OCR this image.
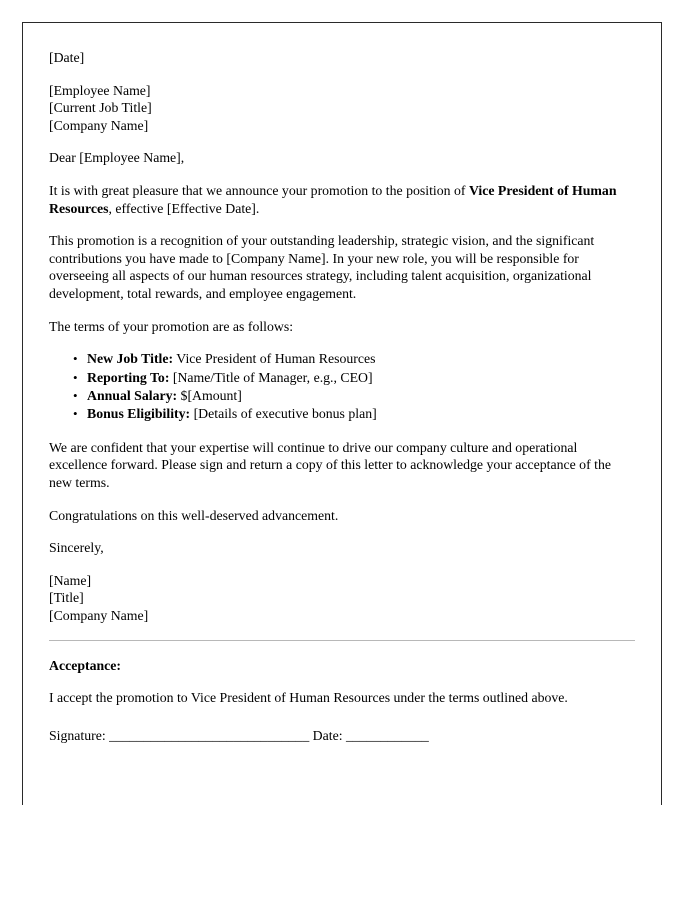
[Date]
[Employee Name]
[Current Job Title]
[Company Name]
Dear [Employee Name],

It is with great pleasure that we announce your promotion to the position of Vice President of Human Resources, effective [Effective Date].

This promotion is a recognition of your outstanding leadership, strategic vision, and the significant contributions you have made to [Company Name]. In your new role, you will be responsible for overseeing all aspects of our human resources strategy, including talent acquisition, organizational development, total rewards, and employee engagement.

The terms of your promotion are as follows:

• New Job Title: Vice President of Human Resources
• Reporting To: [Name/Title of Manager, e.g., CEO]
• Annual Salary: $[Amount]
• Bonus Eligibility: [Details of executive bonus plan]

We are confident that your expertise will continue to drive our company culture and operational excellence forward. Please sign and return a copy of this letter to acknowledge your acceptance of the new terms.

Congratulations on this well-deserved advancement.

Sincerely,

[Name]
[Title]
[Company Name]

Acceptance:

I accept the promotion to Vice President of Human Resources under the terms outlined above.

Signature: _____________________________ Date: ____________
